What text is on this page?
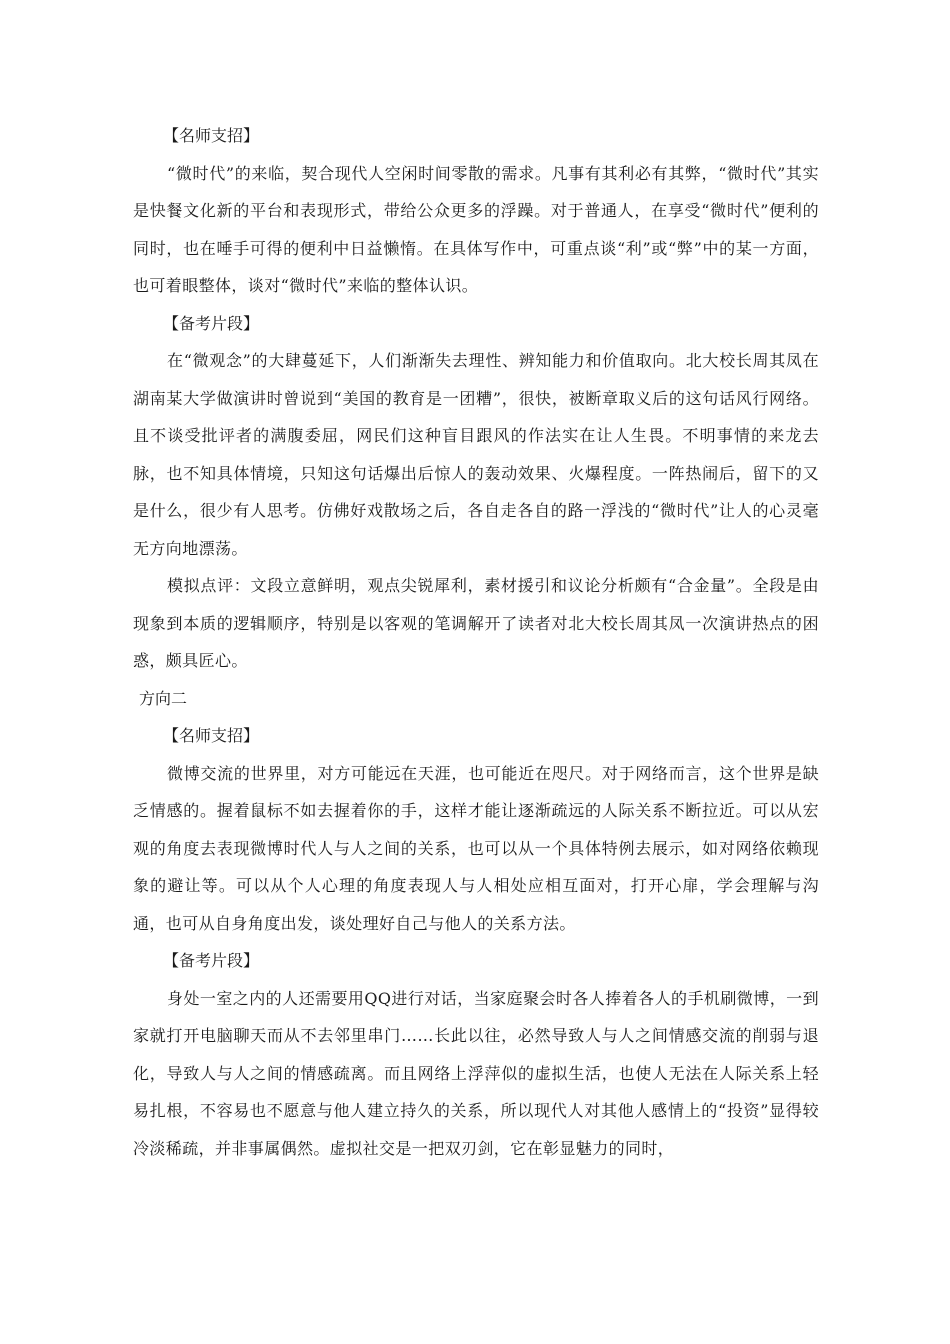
【名师支招】

“微时代”的来临，契合现代人空闲时间零散的需求。凡事有其利必有其弊，“微时代”其实是快餐文化新的平台和表现形式，带给公众更多的浮躁。对于普通人，在享受“微时代”便利的同时，也在唾手可得的便利中日益懒惰。在具体写作中，可重点谈“利”或“弊”中的某一方面，也可着眼整体，谈对“微时代”来临的整体认识。

【备考片段】

在“微观念”的大肆蔓延下，人们渐渐失去理性、辨知能力和价值取向。北大校长周其凤在湖南某大学做演讲时曾说到“美国的教育是一团糟”，很快，被断章取义后的这句话风行网络。且不谈受批评者的满腹委屈，网民们这种盲目跟风的作法实在让人生畏。不明事情的来龙去脉，也不知具体情境，只知这句话爆出后惊人的轰动效果、火爆程度。一阵热闹后，留下的又是什么，很少有人思考。仿佛好戏散场之后，各自走各自的路一浮浅的“微时代”让人的心灵毫无方向地漂荡。

模拟点评：文段立意鲜明，观点尖锐犀利，素材援引和议论分析颇有“合金量”。全段是由现象到本质的逻辑顺序，特别是以客观的笔调解开了读者对北大校长周其凤一次演讲热点的困惑，颇具匠心。

方向二

【名师支招】

微博交流的世界里，对方可能远在天涯，也可能近在咫尺。对于网络而言，这个世界是缺乏情感的。握着鼠标不如去握着你的手，这样才能让逐渐疏远的人际关系不断拉近。可以从宏观的角度去表现微博时代人与人之间的关系，也可以从一个具体特例去展示，如对网络依赖现象的避让等。可以从个人心理的角度表现人与人相处应相互面对，打开心扉，学会理解与沟通，也可从自身角度出发，谈处理好自己与他人的关系方法。

【备考片段】

身处一室之内的人还需要用QQ进行对话，当家庭聚会时各人捧着各人的手机刷微博，一到家就打开电脑聊天而从不去邻里串门……长此以往，必然导致人与人之间情感交流的削弱与退化，导致人与人之间的情感疏离。而且网络上浮萍似的虚拟生活，也使人无法在人际关系上轻易扎根，不容易也不愿意与他人建立持久的关系，所以现代人对其他人感情上的“投资”显得较冷淡稀疏，并非事属偶然。虚拟社交是一把双刃剑，它在彰显魅力的同时，
